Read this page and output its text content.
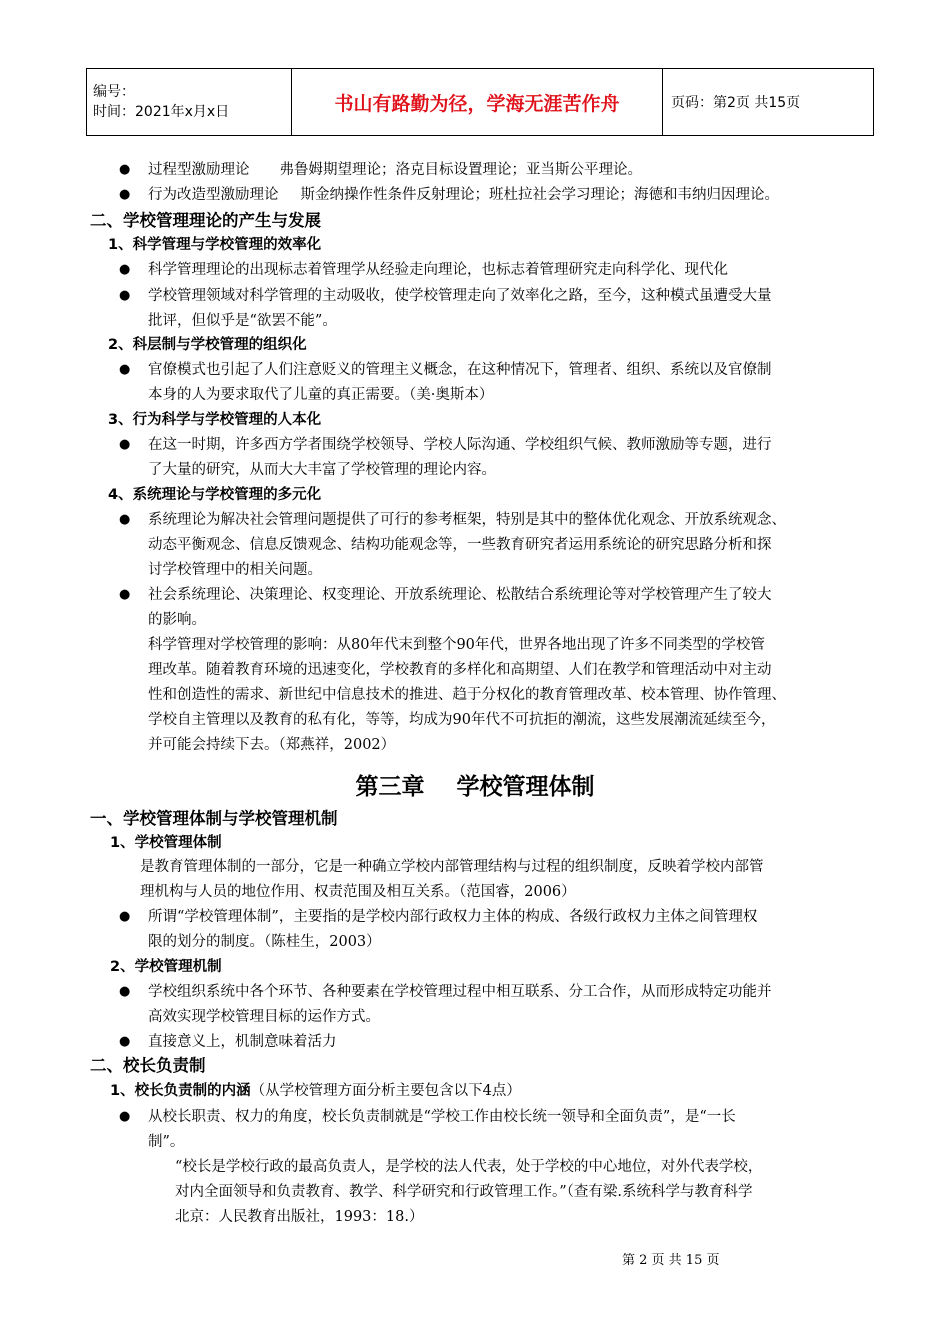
编号：
时间：2021年x月x日	书山有路勤为径，学海无涯苦作舟	页码：第2页 共15页
● 过程型激励理论 弗鲁姆期望理论；洛克目标设置理论；亚当斯公平理论。
● 行为改造型激励理论 斯金纳操作性条件反射理论；班杜拉社会学习理论；海德和韦纳归因理论。
二、学校管理理论的产生与发展
1、科学管理与学校管理的效率化
● 科学管理理论的出现标志着管理学从经验走向理论，也标志着管理研究走向科学化、现代化
● 学校管理领域对科学管理的主动吸收，使学校管理走向了效率化之路，至今，这种模式虽遭受大量
批评，但似乎是“欲罢不能”。
2、科层制与学校管理的组织化
● 官僚模式也引起了人们注意贬义的管理主义概念，在这种情况下，管理者、组织、系统以及官僚制
本身的人为要求取代了儿童的真正需要。（美·奥斯本）
3、行为科学与学校管理的人本化
● 在这一时期，许多西方学者围绕学校领导、学校人际沟通、学校组织气候、教师激励等专题，进行
了大量的研究，从而大大丰富了学校管理的理论内容。
4、系统理论与学校管理的多元化
● 系统理论为解决社会管理问题提供了可行的参考框架，特别是其中的整体优化观念、开放系统观念、
动态平衡观念、信息反馈观念、结构功能观念等，一些教育研究者运用系统论的研究思路分析和探
讨学校管理中的相关问题。
● 社会系统理论、决策理论、权变理论、开放系统理论、松散结合系统理论等对学校管理产生了较大
的影响。
科学管理对学校管理的影响：从80年代末到整个90年代，世界各地出现了许多不同类型的学校管
理改革。随着教育环境的迅速变化，学校教育的多样化和高期望、人们在教学和管理活动中对主动
性和创造性的需求、新世纪中信息技术的推进、趋于分权化的教育管理改革、校本管理、协作管理、
学校自主管理以及教育的私有化，等等，均成为90年代不可抗拒的潮流，这些发展潮流延续至今，
并可能会持续下去。（郑燕祥，2002）
第三章    学校管理体制
一、学校管理体制与学校管理机制
1、学校管理体制
是教育管理体制的一部分，它是一种确立学校内部管理结构与过程的组织制度，反映着学校内部管
理机构与人员的地位作用、权责范围及相互关系。（范国睿，2006）
● 所谓“学校管理体制”，主要指的是学校内部行政权力主体的构成、各级行政权力主体之间管理权
限的划分的制度。（陈桂生，2003）
2、学校管理机制
● 学校组织系统中各个环节、各种要素在学校管理过程中相互联系、分工合作，从而形成特定功能并
高效实现学校管理目标的运作方式。
● 直接意义上，机制意味着活力
二、校长负责制
1、校长负责制的内涵（从学校管理方面分析主要包含以下4点）
● 从校长职责、权力的角度，校长负责制就是“学校工作由校长统一领导和全面负责”，是“一长
制”。
“校长是学校行政的最高负责人，是学校的法人代表，处于学校的中心地位，对外代表学校，
对内全面领导和负责教育、教学、科学研究和行政管理工作。”（查有梁.系统科学与教育科学
北京：人民教育出版社，1993：18.）
第 2 页 共 15 页
